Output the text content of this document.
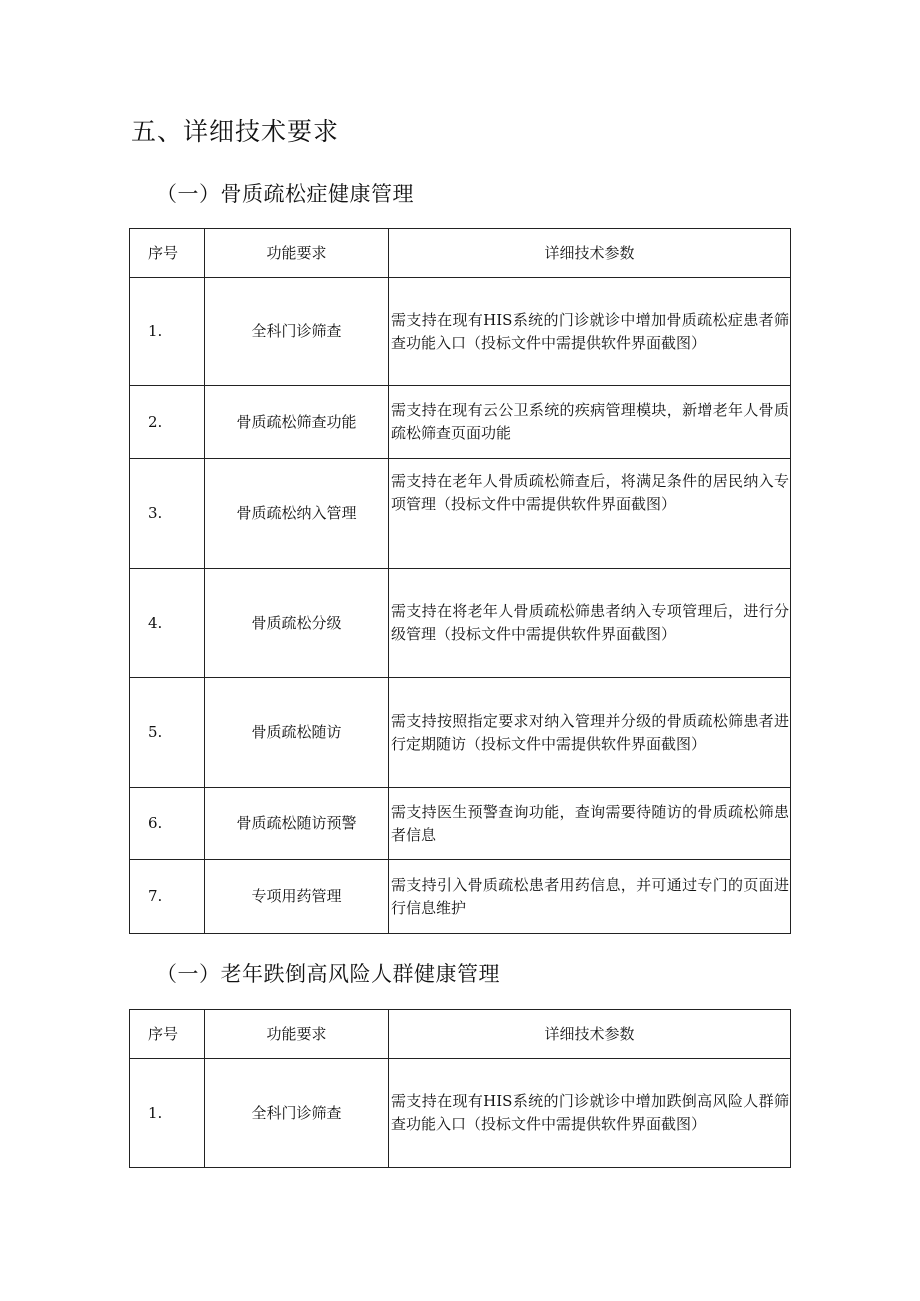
五、详细技术要求
（一）骨质疏松症健康管理
序号	功能要求	详细技术参数
1.	全科门诊筛查	需支持在现有HIS系统的门诊就诊中增加骨质疏松症患者筛查功能入口（投标文件中需提供软件界面截图）
2.	骨质疏松筛查功能	需支持在现有云公卫系统的疾病管理模块，新增老年人骨质疏松筛查页面功能
3.	骨质疏松纳入管理	需支持在老年人骨质疏松筛查后，将满足条件的居民纳入专项管理（投标文件中需提供软件界面截图）
4.	骨质疏松分级	需支持在将老年人骨质疏松筛患者纳入专项管理后，进行分级管理（投标文件中需提供软件界面截图）
5.	骨质疏松随访	需支持按照指定要求对纳入管理并分级的骨质疏松筛患者进行定期随访（投标文件中需提供软件界面截图）
6.	骨质疏松随访预警	需支持医生预警查询功能，查询需要待随访的骨质疏松筛患者信息
7.	专项用药管理	需支持引入骨质疏松患者用药信息，并可通过专门的页面进行信息维护
（一）老年跌倒高风险人群健康管理
序号	功能要求	详细技术参数
1.	全科门诊筛查	需支持在现有HIS系统的门诊就诊中增加跌倒高风险人群筛查功能入口（投标文件中需提供软件界面截图）
